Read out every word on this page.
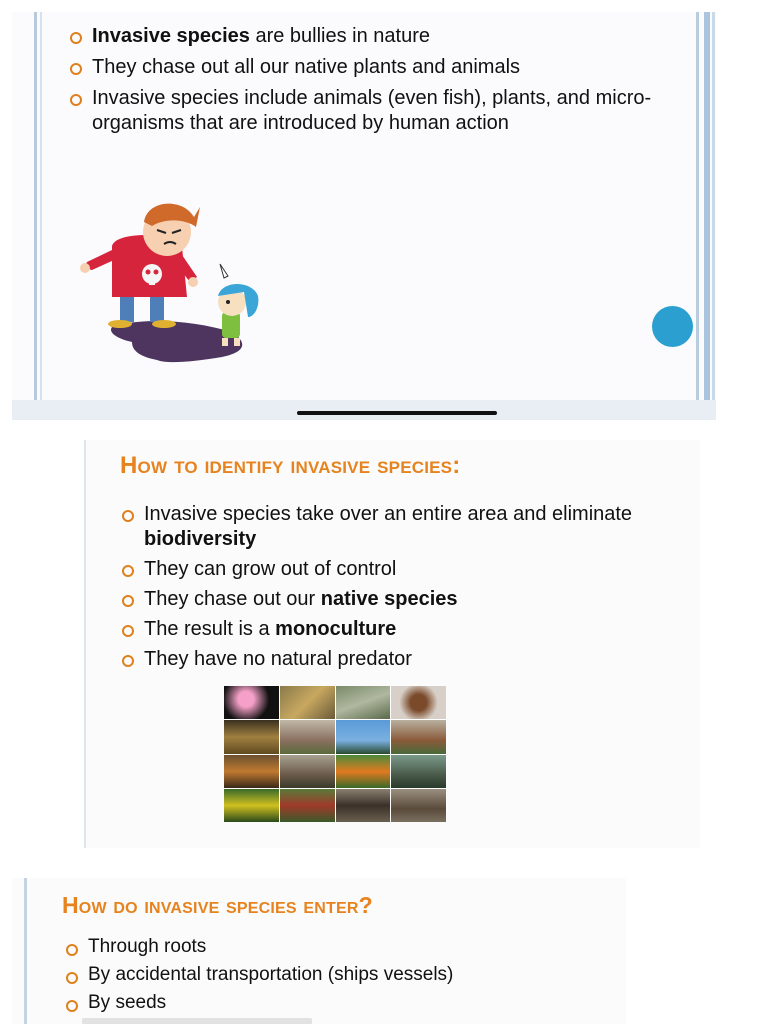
Invasive species are bullies in nature
They chase out all our native plants and animals
Invasive species include animals (even fish), plants, and micro-organisms that are introduced by human action
How to identify invasive species:
Invasive species take over an entire area and eliminate biodiversity
They can grow out of control
They chase out our native species
The result is a monoculture
They have no natural predator
How do invasive species enter?
Through roots
By accidental transportation (ships vessels)
By seeds
